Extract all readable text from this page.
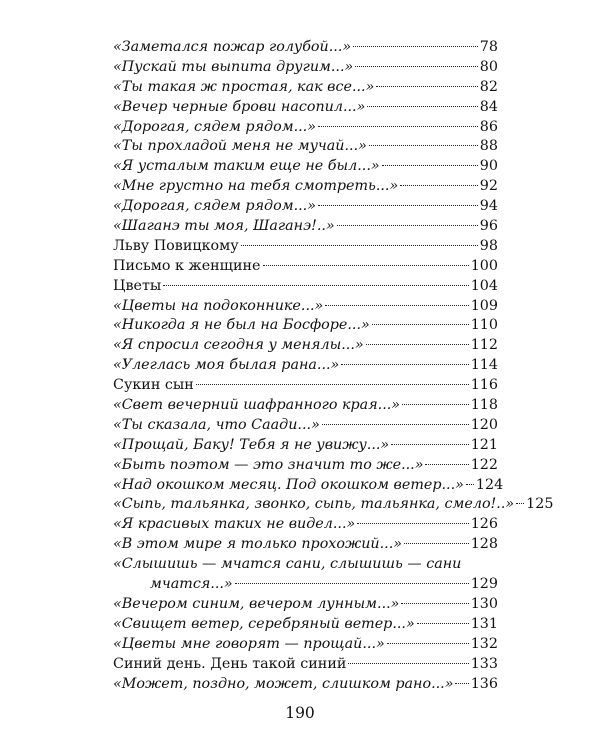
«Заметался пожар голубой...»	78
«Пускай ты выпита другим...»	80
«Ты такая ж простая, как все...»	82
«Вечер черные брови насопил...»	84
«Дорогая, сядем рядом...»	86
«Ты прохладой меня не мучай...»	88
«Я усталым таким еще не был...»	90
«Мне грустно на тебя смотреть...»	92
«Дорогая, сядем рядом...»	94
«Шаганэ ты моя, Шаганэ!..»	96
Льву Повицкому	98
Письмо к женщине	100
Цветы	104
«Цветы на подоконнике...»	109
«Никогда я не был на Босфоре...»	110
«Я спросил сегодня у менялы...»	112
«Улеглась моя былая рана...»	114
Сукин сын	116
«Свет вечерний шафранного края...»	118
«Ты сказала, что Саади...»	120
«Прощай, Баку! Тебя я не увижу...»	121
«Быть поэтом — это значит то же...»	122
«Над окошком месяц. Под окошком ветер...» 124
«Сыпь, тальянка, звонко, сыпь, тальянка, смело!..» 125
«Я красивых таких не видел...»	126
«В этом мире я только прохожий...»	128
«Слышишь — мчатся сани, слышишь — сани
мчатся...»	129
«Вечером синим, вечером лунным...»	130
«Свищет ветер, серебряный ветер...»	131
«Цветы мне говорят — прощай...»	132
Синий день. День такой синий	133
«Может, поздно, может, слишком рано...» 136
190
